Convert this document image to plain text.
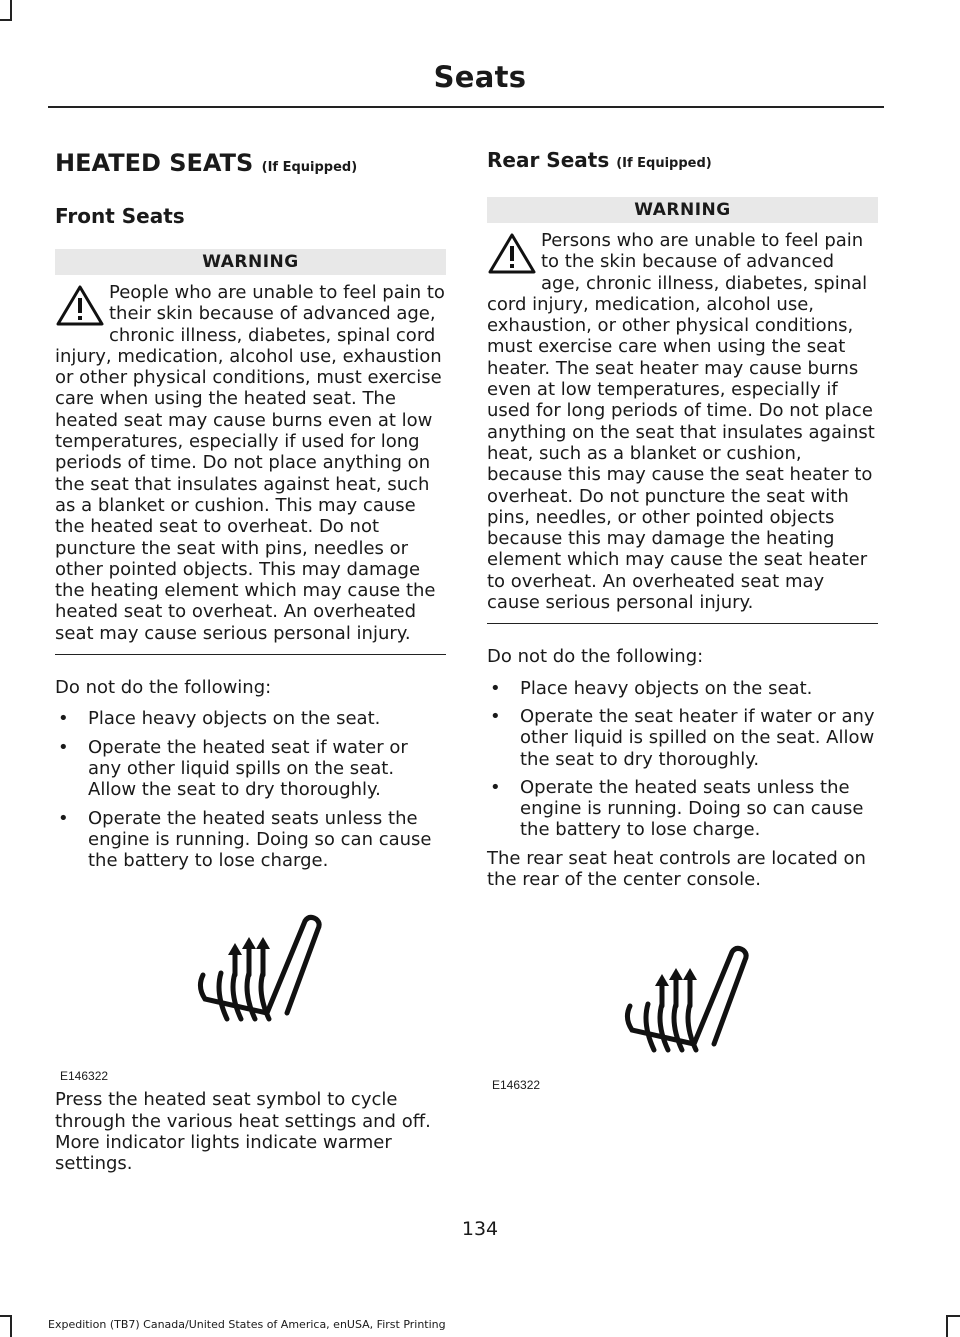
Seats
HEATED SEATS (If Equipped)
Front Seats
WARNING
People who are unable to feel pain to their skin because of advanced age, chronic illness, diabetes, spinal cord injury, medication, alcohol use, exhaustion or other physical conditions, must exercise care when using the heated seat. The heated seat may cause burns even at low temperatures, especially if used for long periods of time. Do not place anything on the seat that insulates against heat, such as a blanket or cushion. This may cause the heated seat to overheat. Do not puncture the seat with pins, needles or other pointed objects. This may damage the heating element which may cause the heated seat to overheat. An overheated seat may cause serious personal injury.

Do not do the following:

• Place heavy objects on the seat.
• Operate the heated seat if water or any other liquid spills on the seat. Allow the seat to dry thoroughly.
• Operate the heated seats unless the engine is running. Doing so can cause the battery to lose charge.
E146322

Press the heated seat symbol to cycle through the various heat settings and off. More indicator lights indicate warmer settings.

Rear Seats (If Equipped)
WARNING
Persons who are unable to feel pain to the skin because of advanced age, chronic illness, diabetes, spinal cord injury, medication, alcohol use, exhaustion, or other physical conditions, must exercise care when using the seat heater. The seat heater may cause burns even at low temperatures, especially if used for long periods of time. Do not place anything on the seat that insulates against heat, such as a blanket or cushion, because this may cause the seat heater to overheat. Do not puncture the seat with pins, needles, or other pointed objects because this may damage the heating element which may cause the seat heater to overheat. An overheated seat may cause serious personal injury.

Do not do the following:

• Place heavy objects on the seat.
• Operate the seat heater if water or any other liquid is spilled on the seat. Allow the seat to dry thoroughly.
• Operate the heated seats unless the engine is running. Doing so can cause the battery to lose charge.

The rear seat heat controls are located on the rear of the center console.

E146322
134
Expedition (TB7) Canada/United States of America, enUSA, First Printing
